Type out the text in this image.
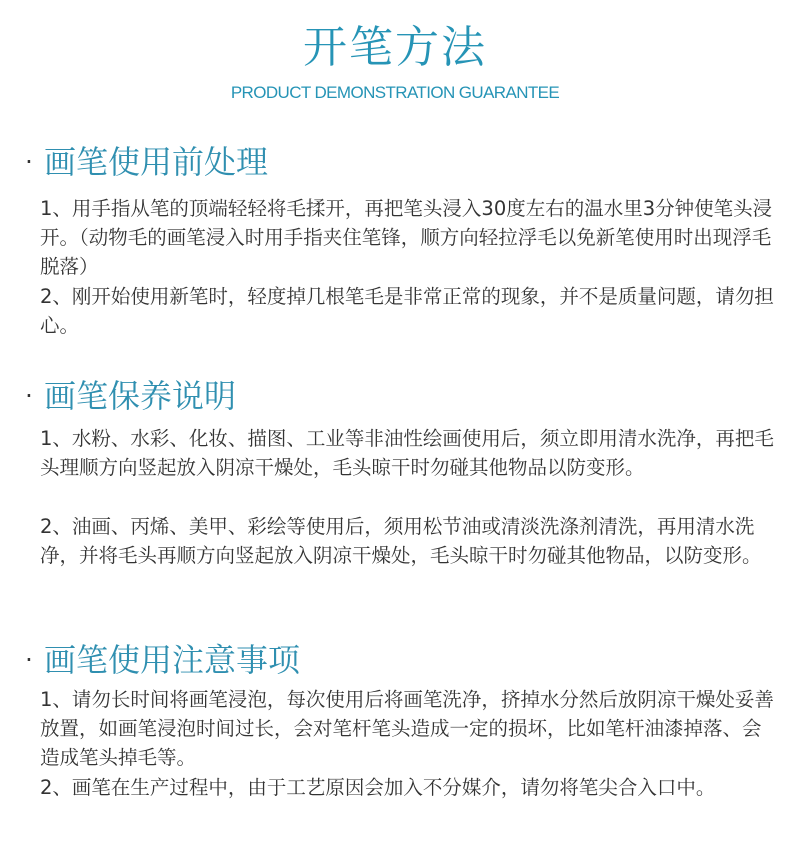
开笔方法
PRODUCT DEMONSTRATION GUARANTEE
· 画笔使用前处理

1、用手指从笔的顶端轻轻将毛揉开，再把笔头浸入30度左右的温水里3分钟使笔头浸开。（动物毛的画笔浸入时用手指夹住笔锋，顺方向轻拉浮毛以免新笔使用时出现浮毛脱落）

2、刚开始使用新笔时，轻度掉几根笔毛是非常正常的现象，并不是质量问题，请勿担心。

· 画笔保养说明

1、水粉、水彩、化妆、描图、工业等非油性绘画使用后，须立即用清水洗净，再把毛头理顺方向竖起放入阴凉干燥处，毛头晾干时勿碰其他物品以防变形。

2、油画、丙烯、美甲、彩绘等使用后，须用松节油或清淡洗涤剂清洗，再用清水洗净，并将毛头再顺方向竖起放入阴凉干燥处，毛头晾干时勿碰其他物品，以防变形。

· 画笔使用注意事项

1、请勿长时间将画笔浸泡，每次使用后将画笔洗净，挤掉水分然后放阴凉干燥处妥善放置，如画笔浸泡时间过长，会对笔杆笔头造成一定的损坏，比如笔杆油漆掉落、会造成笔头掉毛等。

2、画笔在生产过程中，由于工艺原因会加入不分媒介，请勿将笔尖合入口中。
